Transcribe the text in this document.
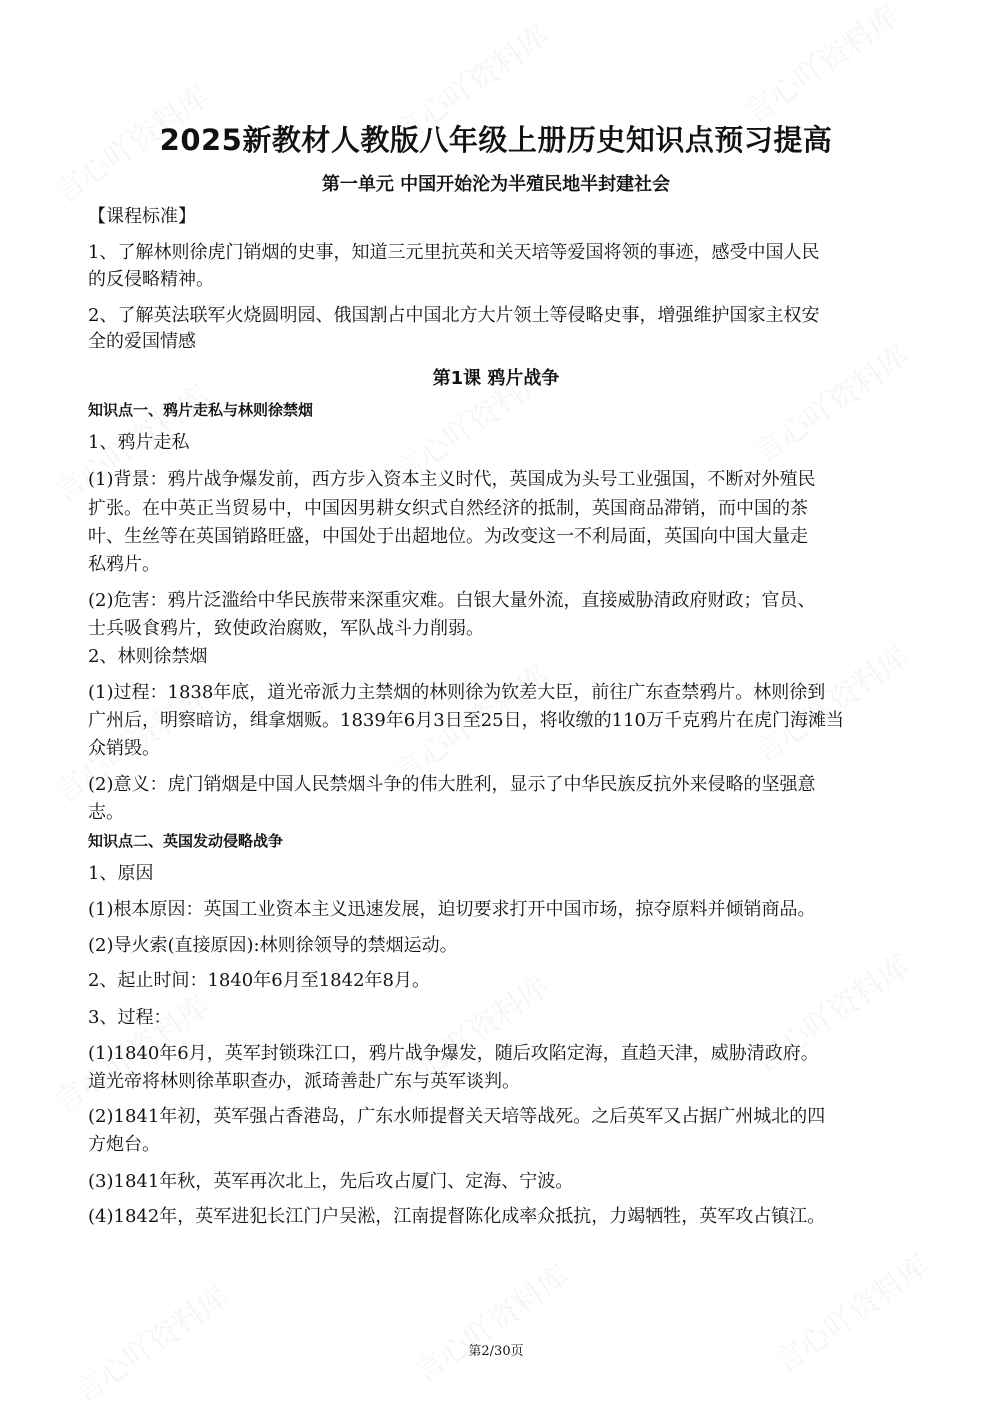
2025新教材人教版八年级上册历史知识点预习提高
第一单元 中国开始沦为半殖民地半封建社会
【课程标准】
1、了解林则徐虎门销烟的史事，知道三元里抗英和关天培等爱国将领的事迹，感受中国人民
的反侵略精神。
2、了解英法联军火烧圆明园、俄国割占中国北方大片领土等侵略史事，增强维护国家主权安
全的爱国情感
第1课 鸦片战争
知识点一、鸦片走私与林则徐禁烟
1、鸦片走私
(1)背景：鸦片战争爆发前，西方步入资本主义时代，英国成为头号工业强国，不断对外殖民
扩张。在中英正当贸易中，中国因男耕女织式自然经济的抵制，英国商品滞销，而中国的茶
叶、生丝等在英国销路旺盛，中国处于出超地位。为改变这一不利局面，英国向中国大量走
私鸦片。
(2)危害：鸦片泛滥给中华民族带来深重灾难。白银大量外流，直接威胁清政府财政；官员、
士兵吸食鸦片，致使政治腐败，军队战斗力削弱。
2、林则徐禁烟
(1)过程：1838年底，道光帝派力主禁烟的林则徐为钦差大臣，前往广东查禁鸦片。林则徐到
广州后，明察暗访，缉拿烟贩。1839年6月3日至25日，将收缴的110万千克鸦片在虎门海滩当
众销毁。
(2)意义：虎门销烟是中国人民禁烟斗争的伟大胜利，显示了中华民族反抗外来侵略的坚强意
志。
知识点二、英国发动侵略战争
1、原因
(1)根本原因：英国工业资本主义迅速发展，迫切要求打开中国市场，掠夺原料并倾销商品。
(2)导火索(直接原因):林则徐领导的禁烟运动。
2、起止时间：1840年6月至1842年8月。
3、过程：
(1)1840年6月，英军封锁珠江口，鸦片战争爆发，随后攻陷定海，直趋天津，威胁清政府。
道光帝将林则徐革职查办，派琦善赴广东与英军谈判。
(2)1841年初，英军强占香港岛，广东水师提督关天培等战死。之后英军又占据广州城北的四
方炮台。
(3)1841年秋，英军再次北上，先后攻占厦门、定海、宁波。
(4)1842年，英军进犯长江门户吴淞，江南提督陈化成率众抵抗，力竭牺牲，英军攻占镇江。
第2/30页
